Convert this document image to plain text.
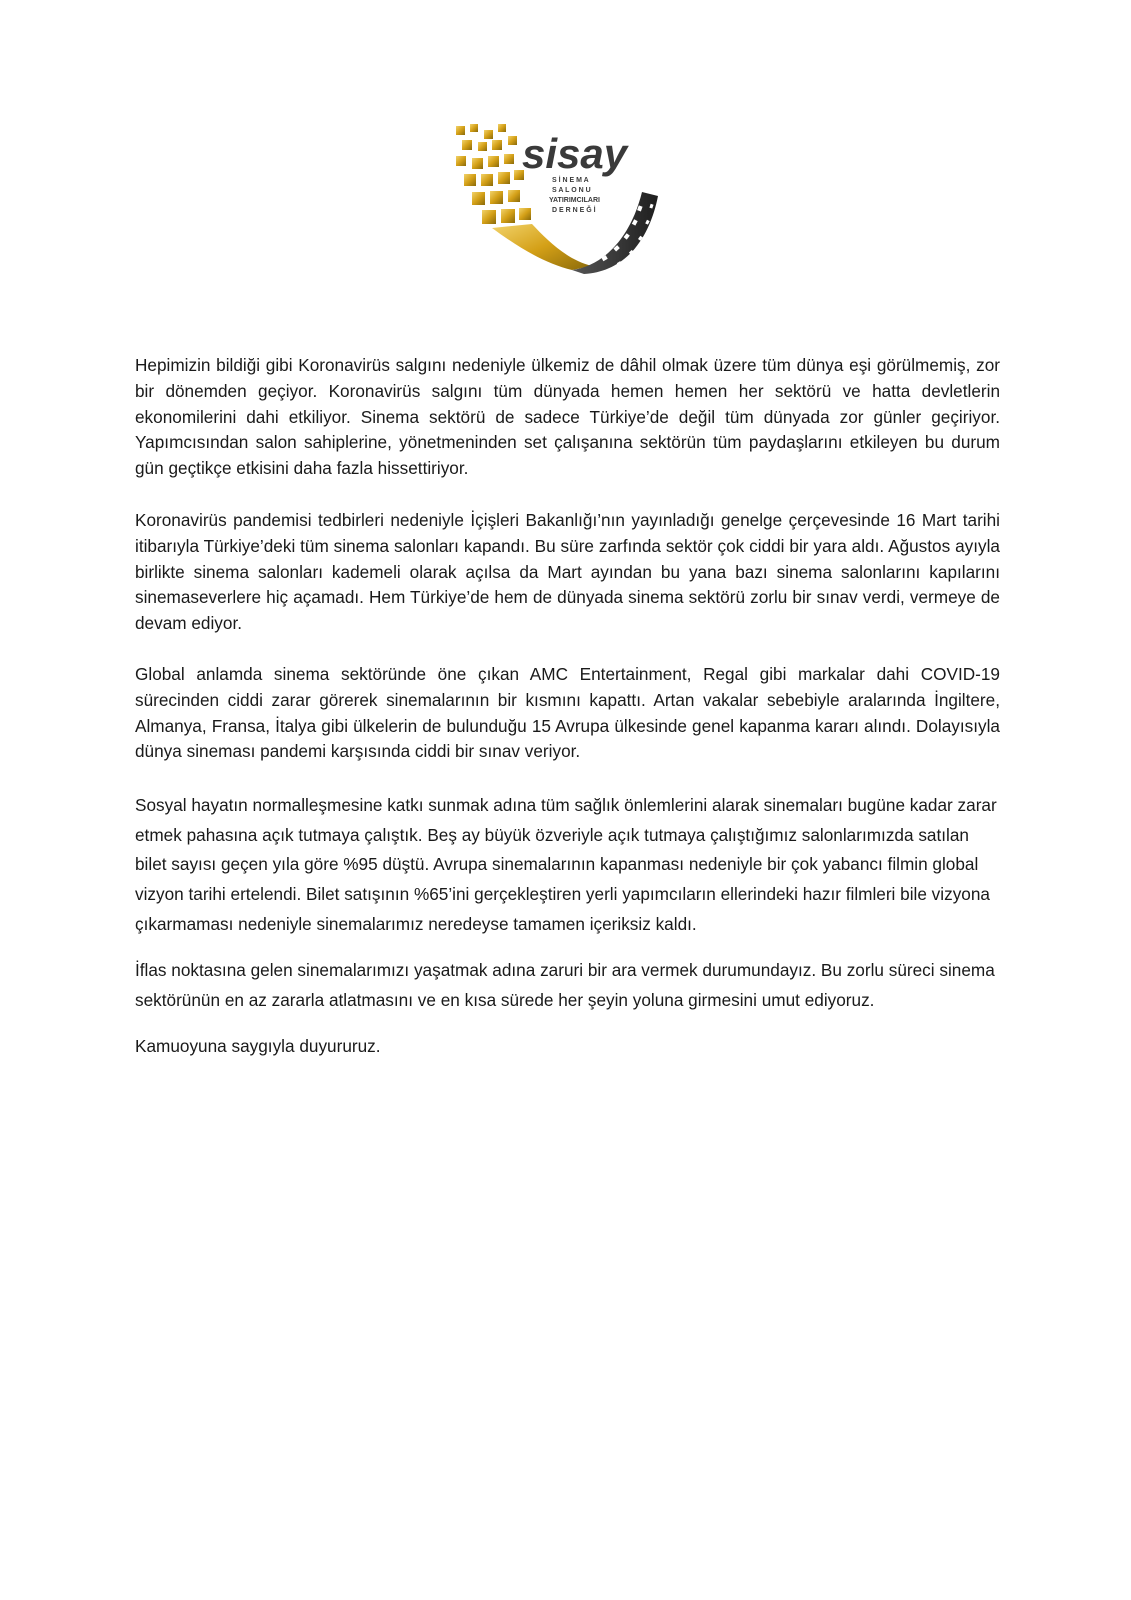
sisay
S İ N E M A
S A L O N U
YATIRIMCILARI
D E R N E Ğ İ

Hepimizin bildiği gibi Koronavirüs salgını nedeniyle ülkemiz de dâhil olmak üzere tüm dünya eşi görülmemiş, zor bir dönemden geçiyor. Koronavirüs salgını tüm dünyada hemen hemen her sektörü ve hatta devletlerin ekonomilerini dahi etkiliyor. Sinema sektörü de sadece Türkiye’de değil tüm dünyada zor günler geçiriyor. Yapımcısından salon sahiplerine, yönetmeninden set çalışanına sektörün tüm paydaşlarını etkileyen bu durum gün geçtikçe etkisini daha fazla hissettiriyor.

Koronavirüs pandemisi tedbirleri nedeniyle İçişleri Bakanlığı’nın yayınladığı genelge çerçevesinde 16 Mart tarihi itibarıyla Türkiye’deki tüm sinema salonları kapandı. Bu süre zarfında sektör çok ciddi bir yara aldı. Ağustos ayıyla birlikte sinema salonları kademeli olarak açılsa da Mart ayından bu yana bazı sinema salonlarını kapılarını sinemaseverlere hiç açamadı. Hem Türkiye’de hem de dünyada sinema sektörü zorlu bir sınav verdi, vermeye de devam ediyor.

Global anlamda sinema sektöründe öne çıkan AMC Entertainment, Regal gibi markalar dahi COVID-19 sürecinden ciddi zarar görerek sinemalarının bir kısmını kapattı. Artan vakalar sebebiyle aralarında İngiltere, Almanya, Fransa, İtalya gibi ülkelerin de bulunduğu 15 Avrupa ülkesinde genel kapanma kararı alındı. Dolayısıyla dünya sineması pandemi karşısında ciddi bir sınav veriyor.

Sosyal hayatın normalleşmesine katkı sunmak adına tüm sağlık önlemlerini alarak sinemaları bugüne kadar zarar etmek pahasına açık tutmaya çalıştık. Beş ay büyük özveriyle açık tutmaya çalıştığımız salonlarımızda satılan bilet sayısı geçen yıla göre %95 düştü. Avrupa sinemalarının kapanması nedeniyle bir çok yabancı filmin global vizyon tarihi ertelendi. Bilet satışının %65’ini gerçekleştiren yerli yapımcıların ellerindeki hazır filmleri bile vizyona çıkarmaması nedeniyle sinemalarımız neredeyse tamamen içeriksiz kaldı.

İflas noktasına gelen sinemalarımızı yaşatmak adına zaruri bir ara vermek durumundayız. Bu zorlu süreci sinema sektörünün en az zararla atlatmasını ve en kısa sürede her şeyin yoluna girmesini umut ediyoruz.

Kamuoyuna saygıyla duyururuz.
